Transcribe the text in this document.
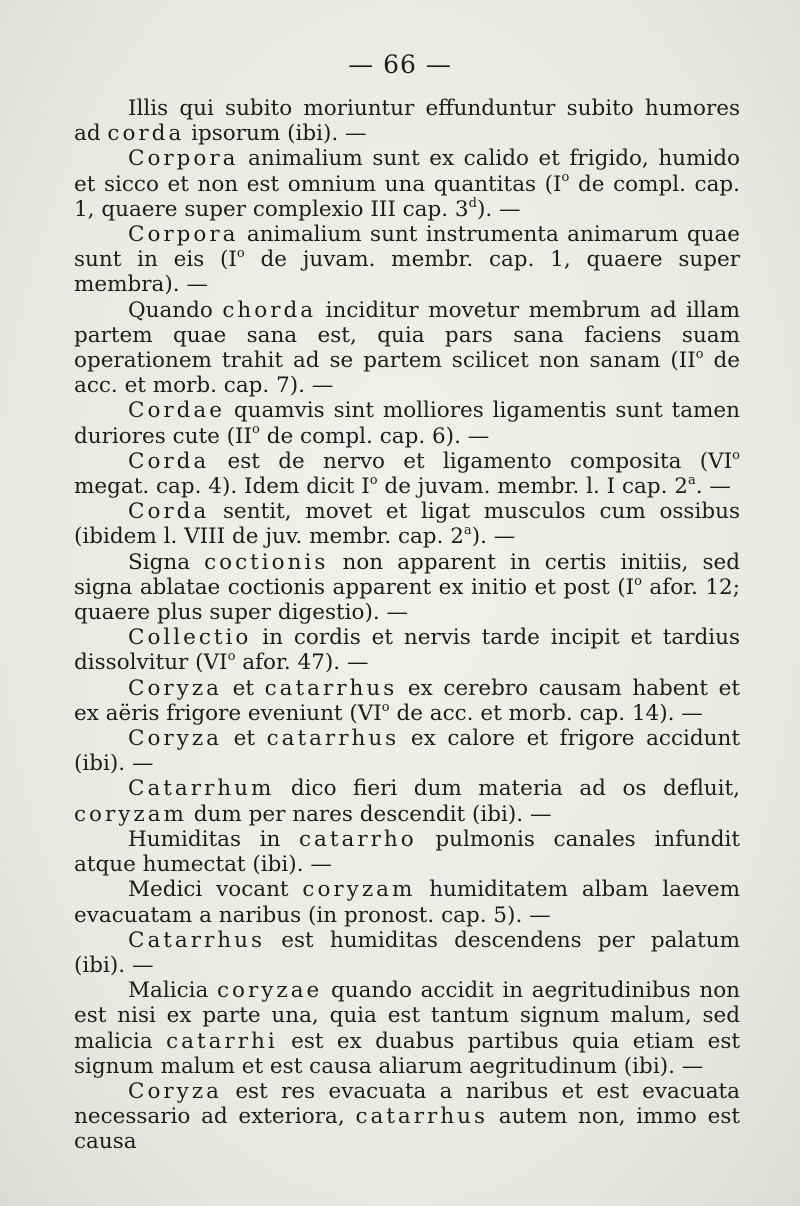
— 66 —

Illis qui subito moriuntur effunduntur subito humores ad corda ipsorum (ibi). —

Corpora animalium sunt ex calido et frigido, humido et sicco et non est omnium una quantitas ($I^o$ de compl. cap. 1, quaere super complexio III cap. 3$^d$). —

Corpora animalium sunt instrumenta animarum quae sunt in eis ($I^o$ de juvam. membr. cap. 1, quaere super membra). —

Quando chorda inciditur movetur membrum ad illam partem quae sana est, quia pars sana faciens suam operationem trahit ad se partem scilicet non sanam ($II^o$ de acc. et morb. cap. 7). —

Cordae quamvis sint molliores ligamentis sunt tamen duriores cute ($II^o$ de compl. cap. 6). —

Corda est de nervo et ligamento composita ($VI^o$ megat. cap. 4). Idem dicit $I^o$ de juvam. membr. l. I cap. 2$^a$. —

Corda sentit, movet et ligat musculos cum ossibus (ibidem l. VIII de juv. membr. cap. 2$^a$). —

Signa coctionis non apparent in certis initiis, sed signa ablatae coctionis apparent ex initio et post ($I^o$ afor. 12; quaere plus super digestio). —

Collectio in cordis et nervis tarde incipit et tardius dissolvitur ($VI^o$ afor. 47). —

Coryza et catarrhus ex cerebro causam habent et ex aëris frigore eveniunt ($VI^o$ de acc. et morb. cap. 14). —

Coryza et catarrhus ex calore et frigore accidunt (ibi). —

Catarrhum dico fieri dum materia ad os defluit, coryzam dum per nares descendit (ibi). —

Humiditas in catarrho pulmonis canales infundit atque humectat (ibi). —

Medici vocant coryzam humiditatem albam laevem evacuatam a naribus (in pronost. cap. 5). —

Catarrhus est humiditas descendens per palatum (ibi). —

Malicia coryzae quando accidit in aegritudinibus non est nisi ex parte una, quia est tantum signum malum, sed malicia catarrhi est ex duabus partibus quia etiam est signum malum et est causa aliarum aegritudinum (ibi). —

Coryza est res evacuata a naribus et est evacuata necessario ad exteriora, catarrhus autem non, immo est causa
